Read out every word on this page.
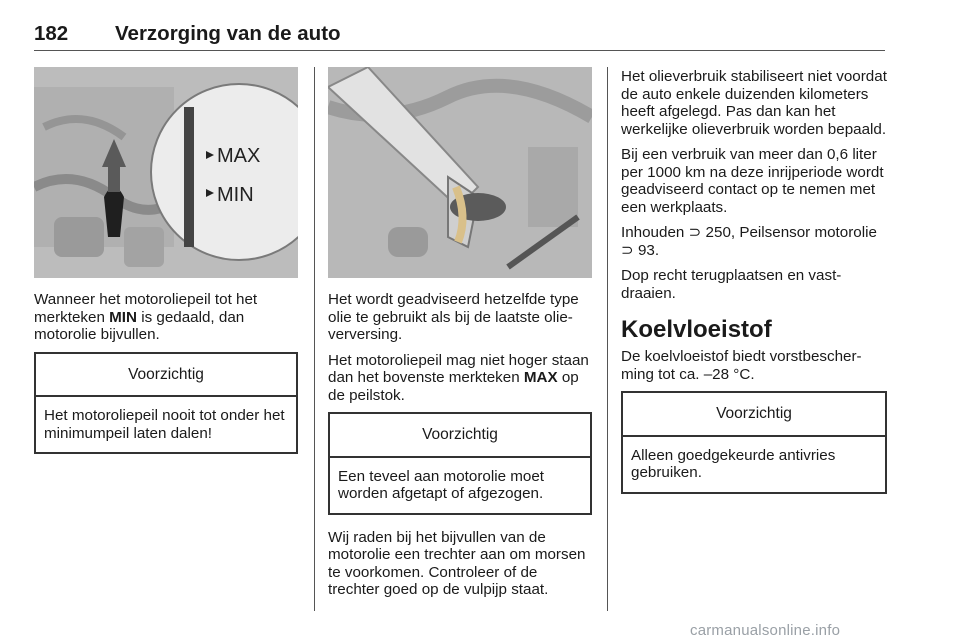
182 Verzorging van de auto
MAX
MIN

Wanneer het motoroliepeil tot het merkteken MIN is gedaald, dan motorolie bijvullen.

Voorzichtig
Het motoroliepeil nooit tot onder het minimumpeil laten dalen!

Het wordt geadviseerd hetzelfde type olie te gebruikt als bij de laatste olieverversing.

Het motoroliepeil mag niet hoger staan dan het bovenste merkteken MAX op de peilstok.

Voorzichtig
Een teveel aan motorolie moet worden afgetapt of afgezogen.

Wij raden bij het bijvullen van de motorolie een trechter aan om morsen te voorkomen. Controleer of de trechter goed op de vulpijp staat.

Het olieverbruik stabiliseert niet voordat de auto enkele duizenden kilometers heeft afgelegd. Pas dan kan het werkelijke olieverbruik worden bepaald.

Bij een verbruik van meer dan 0,6 liter per 1000 km na deze inrijperiode wordt geadviseerd contact op te nemen met een werkplaats.

Inhouden ⊃ 250, Peilsensor motorolie ⊃ 93.

Dop recht terugplaatsen en vastdraaien.

Koelvloeistof

De koelvloeistof biedt vorstbescherming tot ca. –28 °C.

Voorzichtig
Alleen goedgekeurde antivries gebruiken.
carmanualsonline.info
